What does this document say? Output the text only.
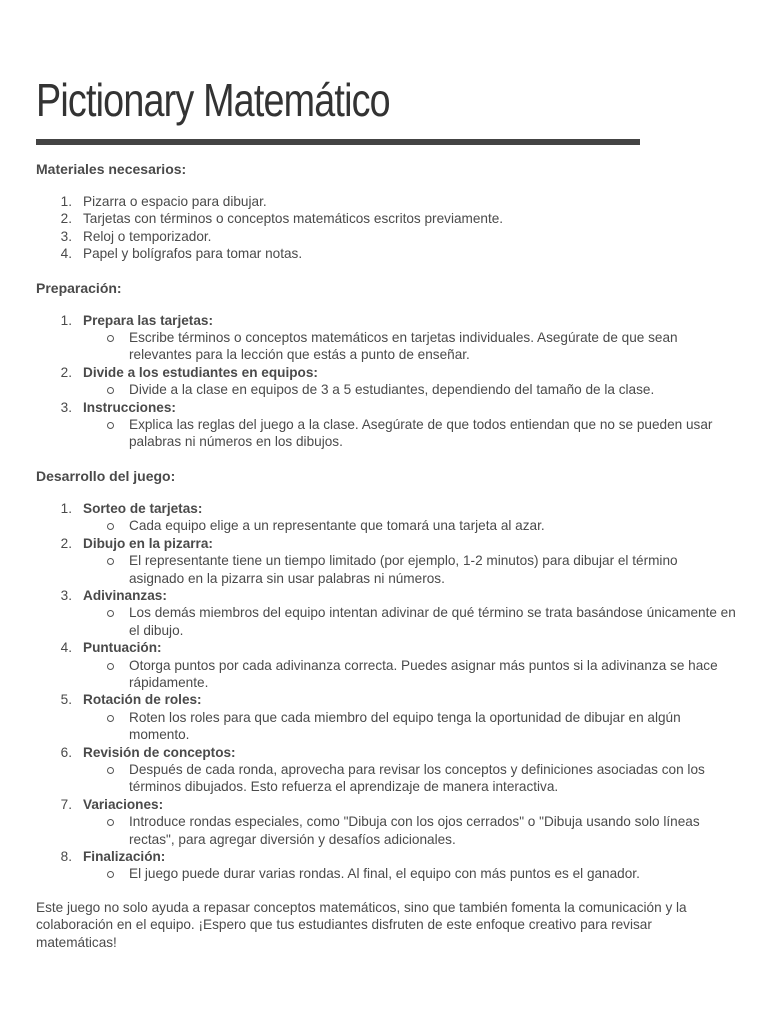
Pictionary Matemático
Materiales necesarios:
1 . Pizarra o espacio para dibujar.
2 . Tarjetas con términos o conceptos matemáticos escritos previamente.
3 . Reloj o temporizador.
4 . Papel y bolígrafos para tomar notas.
Preparación:
1 . Prepara las tarjetas:
Escribe términos o conceptos matemáticos en tarjetas individuales. Asegúrate de que sean relevantes para la lección que estás a punto de enseñar.
2 . Divide a los estudiantes en equipos:
Divide a la clase en equipos de 3 a 5 estudiantes, dependiendo del tamaño de la clase.
3 . Instrucciones:
Explica las reglas del juego a la clase. Asegúrate de que todos entiendan que no se pueden usar palabras ni números en los dibujos.
Desarrollo del juego:
1 . Sorteo de tarjetas:
Cada equipo elige a un representante que tomará una tarjeta al azar.
2 . Dibujo en la pizarra:
El representante tiene un tiempo limitado (por ejemplo, 1-2 minutos) para dibujar el término asignado en la pizarra sin usar palabras ni números.
3 . Adivinanzas:
Los demás miembros del equipo intentan adivinar de qué término se trata basándose únicamente en el dibujo.
4 . Puntuación:
Otorga puntos por cada adivinanza correcta. Puedes asignar más puntos si la adivinanza se hace rápidamente.
5 . Rotación de roles:
Roten los roles para que cada miembro del equipo tenga la oportunidad de dibujar en algún momento.
6 . Revisión de conceptos:
Después de cada ronda, aprovecha para revisar los conceptos y definiciones asociadas con los términos dibujados. Esto refuerza el aprendizaje de manera interactiva.
7 . Variaciones:
Introduce rondas especiales, como "Dibuja con los ojos cerrados" o "Dibuja usando solo líneas rectas", para agregar diversión y desafíos adicionales.
8 . Finalización:
El juego puede durar varias rondas. Al final, el equipo con más puntos es el ganador.

Este juego no solo ayuda a repasar conceptos matemáticos, sino que también fomenta la comunicación y la colaboración en el equipo. ¡Espero que tus estudiantes disfruten de este enfoque creativo para revisar matemáticas!
